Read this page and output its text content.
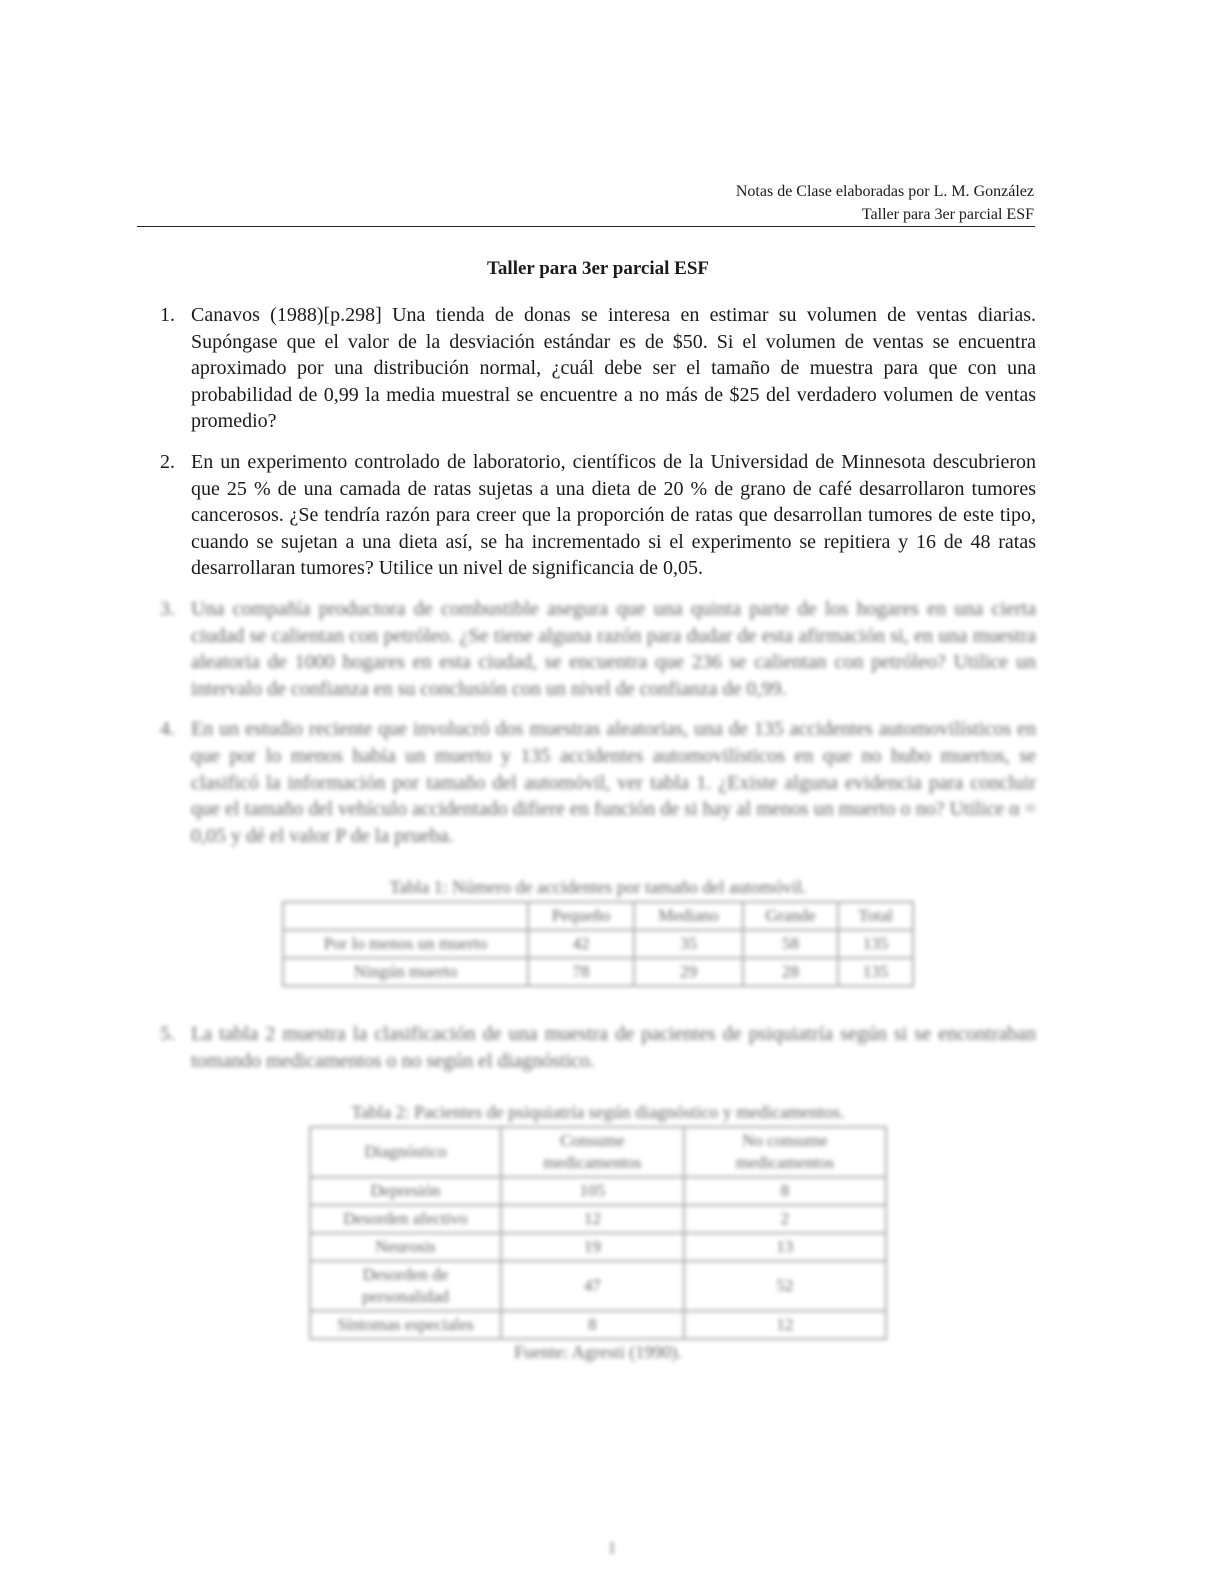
Notas de Clase elaboradas por L. M. González
Taller para 3er parcial ESF
Taller para 3er parcial ESF
1. Canavos (1988)[p.298] Una tienda de donas se interesa en estimar su volumen de ventas diarias. Supóngase que el valor de la desviación estándar es de $50. Si el volumen de ventas se encuentra aproximado por una distribución normal, ¿cuál debe ser el tamaño de muestra para que con una probabilidad de 0,99 la media muestral se encuentre a no más de $25 del verdadero volumen de ventas promedio?
2. En un experimento controlado de laboratorio, científicos de la Universidad de Minnesota descubrieron que 25 % de una camada de ratas sujetas a una dieta de 20 % de grano de café desarrollaron tumores cancerosos. ¿Se tendría razón para creer que la proporción de ratas que desarrollan tumores de este tipo, cuando se sujetan a una dieta así, se ha incrementado si el experimento se repitiera y 16 de 48 ratas desarrollaran tumores? Utilice un nivel de significancia de 0,05.
3. Una compañía productora de combustible asegura que una quinta parte de los hogares en una cierta ciudad se calientan con petróleo. ¿Se tiene alguna razón para dudar de esta afirmación si, en una muestra aleatoria de 1000 hogares en esta ciudad, se encuentra que 236 se calientan con petróleo? Utilice un intervalo de confianza en su conclusión con un nivel de confianza de 0,99.
4. En un estudio reciente que involucró dos muestras aleatorias, una de 135 accidentes automovilísticos en que por lo menos había un muerto y 135 accidentes automovilísticos en que no hubo muertos, se clasificó la información por tamaño del automóvil, ver tabla 1. ¿Existe alguna evidencia para concluir que el tamaño del vehículo accidentado difiere en función de si hay al menos un muerto o no? Utilice α = 0,05 y dé el valor P de la prueba.
Tabla 1: Número de accidentes por tamaño del automóvil.
	Pequeño	Mediano	Grande	Total
Por lo menos un muerto	42	35	58	135
Ningún muerto	78	29	28	135
5. La tabla 2 muestra la clasificación de una muestra de pacientes de psiquiatría según si se encontraban tomando medicamentos o no según el diagnóstico.
Tabla 2: Pacientes de psiquiatría según diagnóstico y medicamentos.
Diagnóstico	Consume medicamentos	No consume medicamentos
Depresión	105	8
Desorden afectivo	12	2
Neurosis	19	13
Desorden de personalidad	47	52
Síntomas especiales	8	12
Fuente: Agresti (1990).
1
